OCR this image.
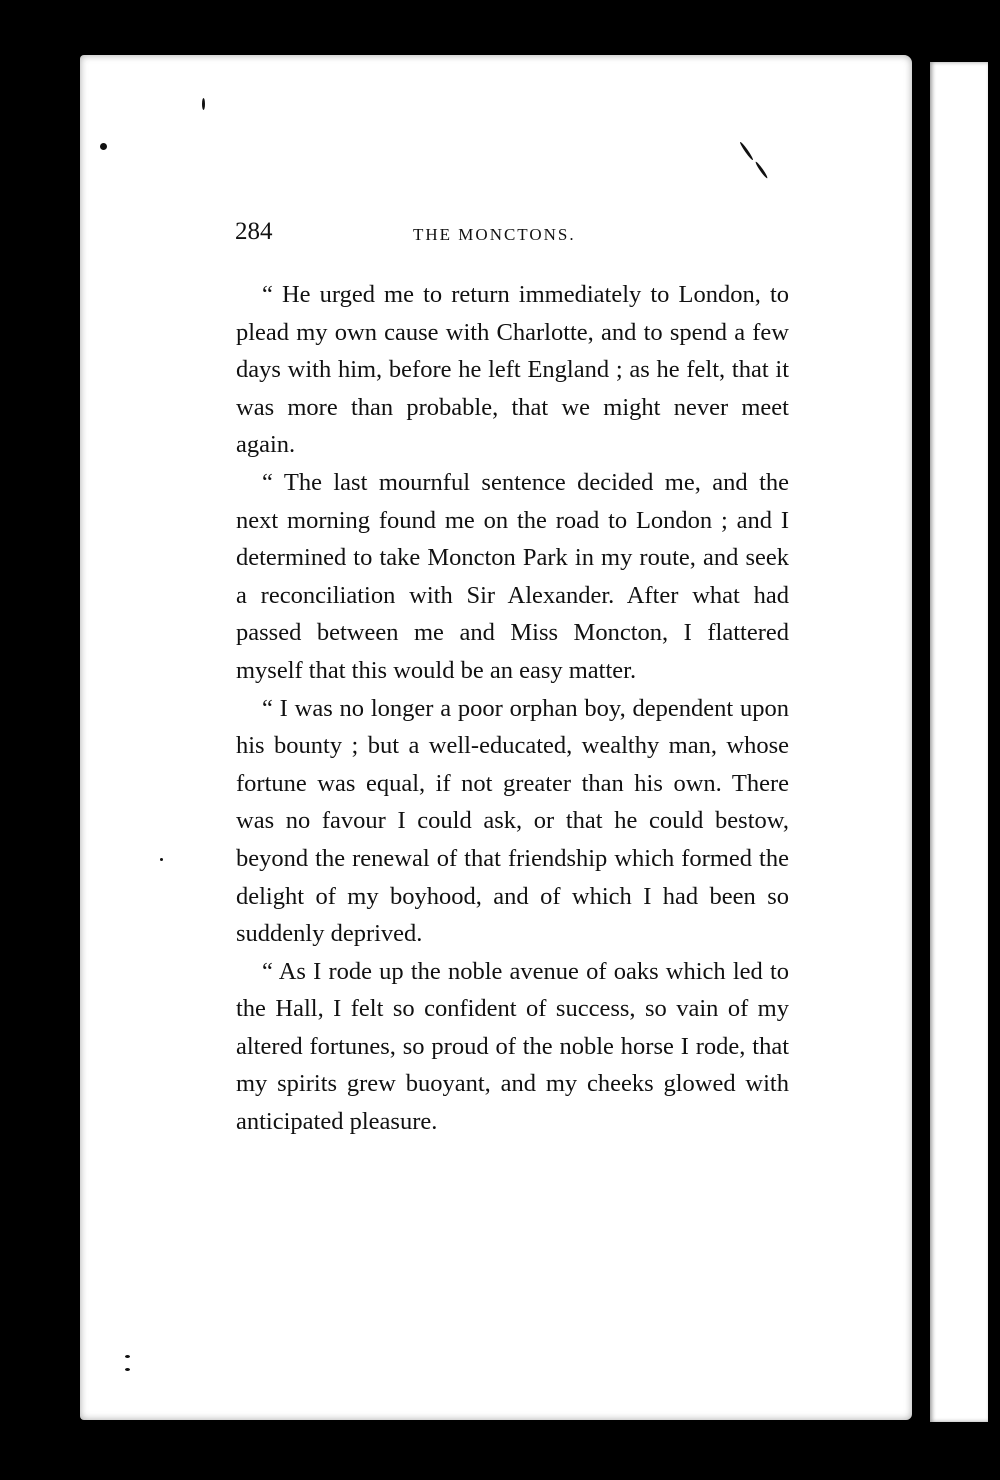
284	THE MONCTONS.

“ He urged me to return immediately to London, to plead my own cause with Charlotte, and to spend a few days with him, before he left England ; as he felt, that it was more than probable, that we might never meet again.

“ The last mournful sentence decided me, and the next morning found me on the road to London ; and I determined to take Moncton Park in my route, and seek a reconciliation with Sir Alexander. After what had passed between me and Miss Moncton, I flattered myself that this would be an easy matter.

“ I was no longer a poor orphan boy, dependent upon his bounty ; but a well-educated, wealthy man, whose fortune was equal, if not greater than his own. There was no favour I could ask, or that he could bestow, beyond the renewal of that friendship which formed the delight of my boyhood, and of which I had been so suddenly deprived.

“ As I rode up the noble avenue of oaks which led to the Hall, I felt so confident of success, so vain of my altered fortunes, so proud of the noble horse I rode, that my spirits grew buoyant, and my cheeks glowed with anticipated pleasure.
